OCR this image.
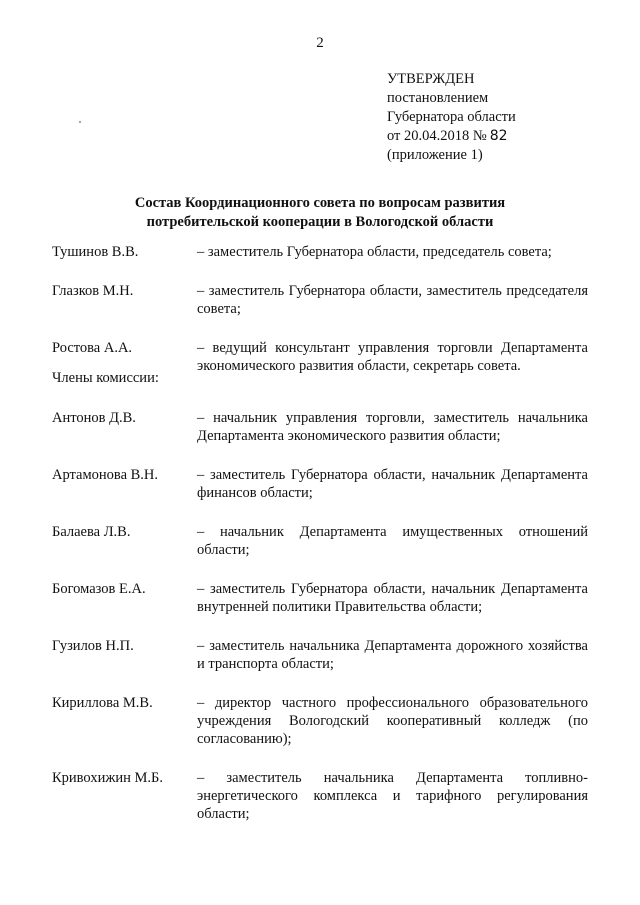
2
УТВЕРЖДЕН
постановлением
Губернатора области
от 20.04.2018 № 82
(приложение 1)
Состав Координационного совета по вопросам развития
потребительской кооперации в Вологодской области
Тушинов В.В.	– заместитель Губернатора области, председатель совета;
Глазков М.Н.	– заместитель Губернатора области, заместитель председателя совета;
Ростова А.А.	– ведущий консультант управления торговли Департамента экономического развития области, секретарь совета.
Антонов Д.В.	– начальник управления торговли, заместитель начальника Департамента экономического развития области;
Артамонова В.Н.	– заместитель Губернатора области, начальник Департамента финансов области;
Балаева Л.В.	– начальник Департамента имущественных отношений области;
Богомазов Е.А.	– заместитель Губернатора области, начальник Департамента внутренней политики Правительства области;
Гузилов Н.П.	– заместитель начальника Департамента дорожного хозяйства и транспорта области;
Кириллова М.В.	– директор частного профессионального образовательного учреждения Вологодский кооперативный колледж (по согласованию);
Кривохижин М.Б. – заместитель начальника Департамента топливно-энергетического комплекса и тарифного регулирования области;
Члены комиссии:
